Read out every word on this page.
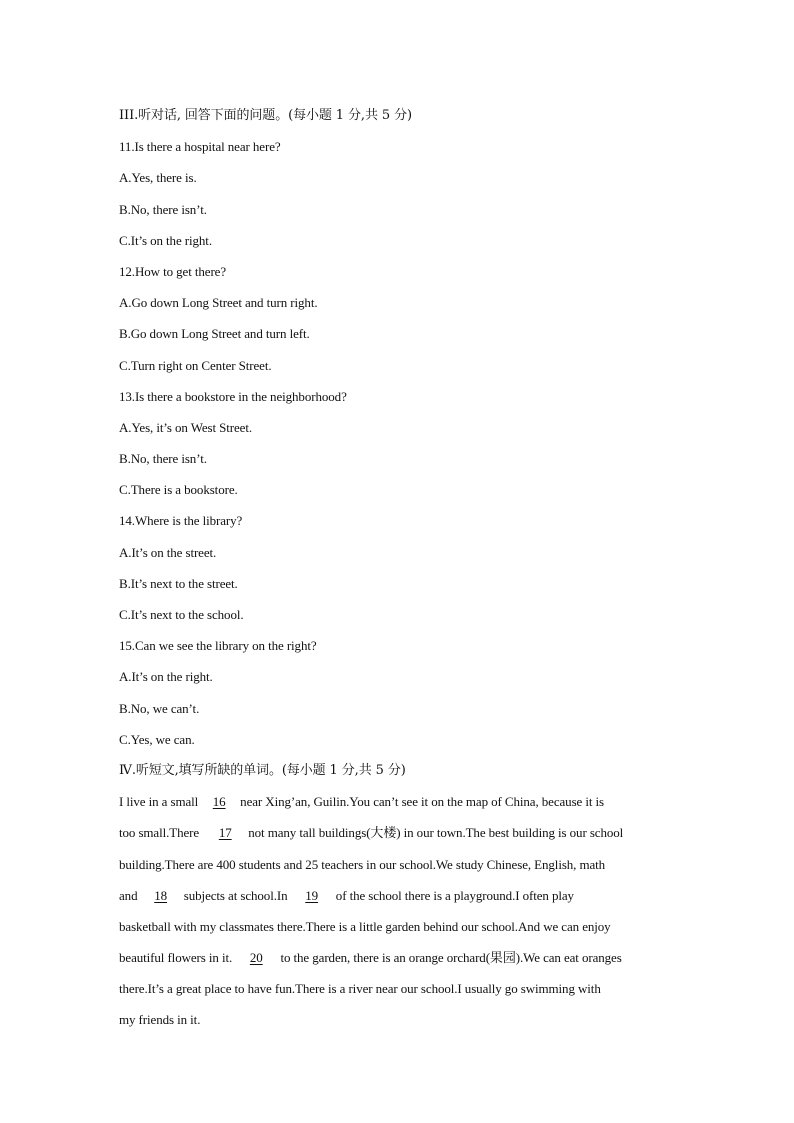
III.听对话, 回答下面的问题。(每小题 1 分,共 5 分)
11.Is there a hospital near here?
A.Yes, there is.
B.No, there isn’t.
C.It’s on the right.
12.How to get there?
A.Go down Long Street and turn right.
B.Go down Long Street and turn left.
C.Turn right on Center Street.
13.Is there a bookstore in the neighborhood?
A.Yes, it’s on West Street.
B.No, there isn’t.
C.There is a bookstore.
14.Where is the library?
A.It’s on the street.
B.It’s next to the street.
C.It’s next to the school.
15.Can we see the library on the right?
A.It’s on the right.
B.No, we can’t.
C.Yes, we can.
Ⅳ.听短文,填写所缺的单词。(每小题 1 分,共 5 分)
I live in a small 16 near Xing’an, Guilin.You can’t see it on the map of China, because it is
too small.There 17 not many tall buildings(大楼) in our town.The best building is our school
building.There are 400 students and 25 teachers in our school.We study Chinese, English, math
and 18 subjects at school.In 19 of the school there is a playground.I often play
basketball with my classmates there.There is a little garden behind our school.And we can enjoy
beautiful flowers in it. 20 to the garden, there is an orange orchard(果园).We can eat oranges
there.It’s a great place to have fun.There is a river near our school.I usually go swimming with
my friends in it.
